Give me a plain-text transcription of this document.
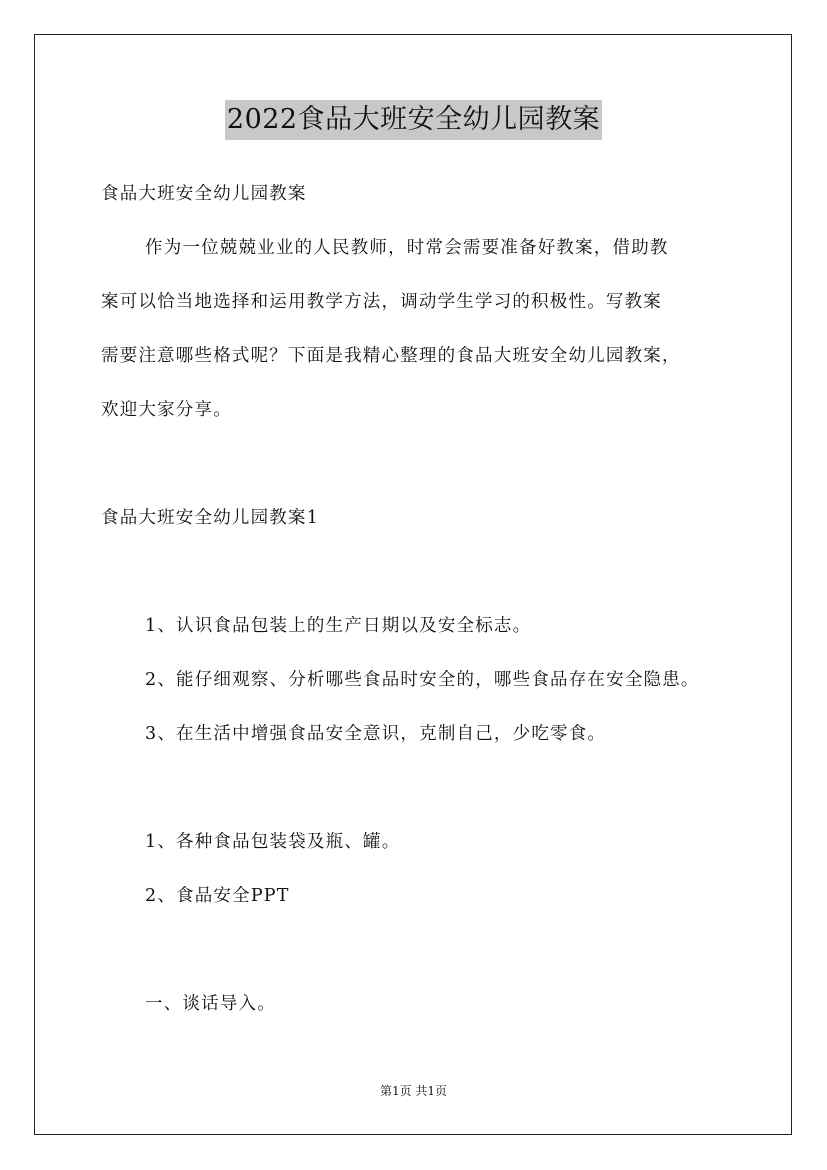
2022食品大班安全幼儿园教案
食品大班安全幼儿园教案
作为一位兢兢业业的人民教师，时常会需要准备好教案，借助教
案可以恰当地选择和运用教学方法，调动学生学习的积极性。写教案
需要注意哪些格式呢？下面是我精心整理的食品大班安全幼儿园教案，
欢迎大家分享。
食品大班安全幼儿园教案1
1、认识食品包装上的生产日期以及安全标志。
2、能仔细观察、分析哪些食品时安全的，哪些食品存在安全隐患。
3、在生活中增强食品安全意识，克制自己，少吃零食。
1、各种食品包装袋及瓶、罐。
2、食品安全PPT
一、谈话导入。
第1页 共1页
